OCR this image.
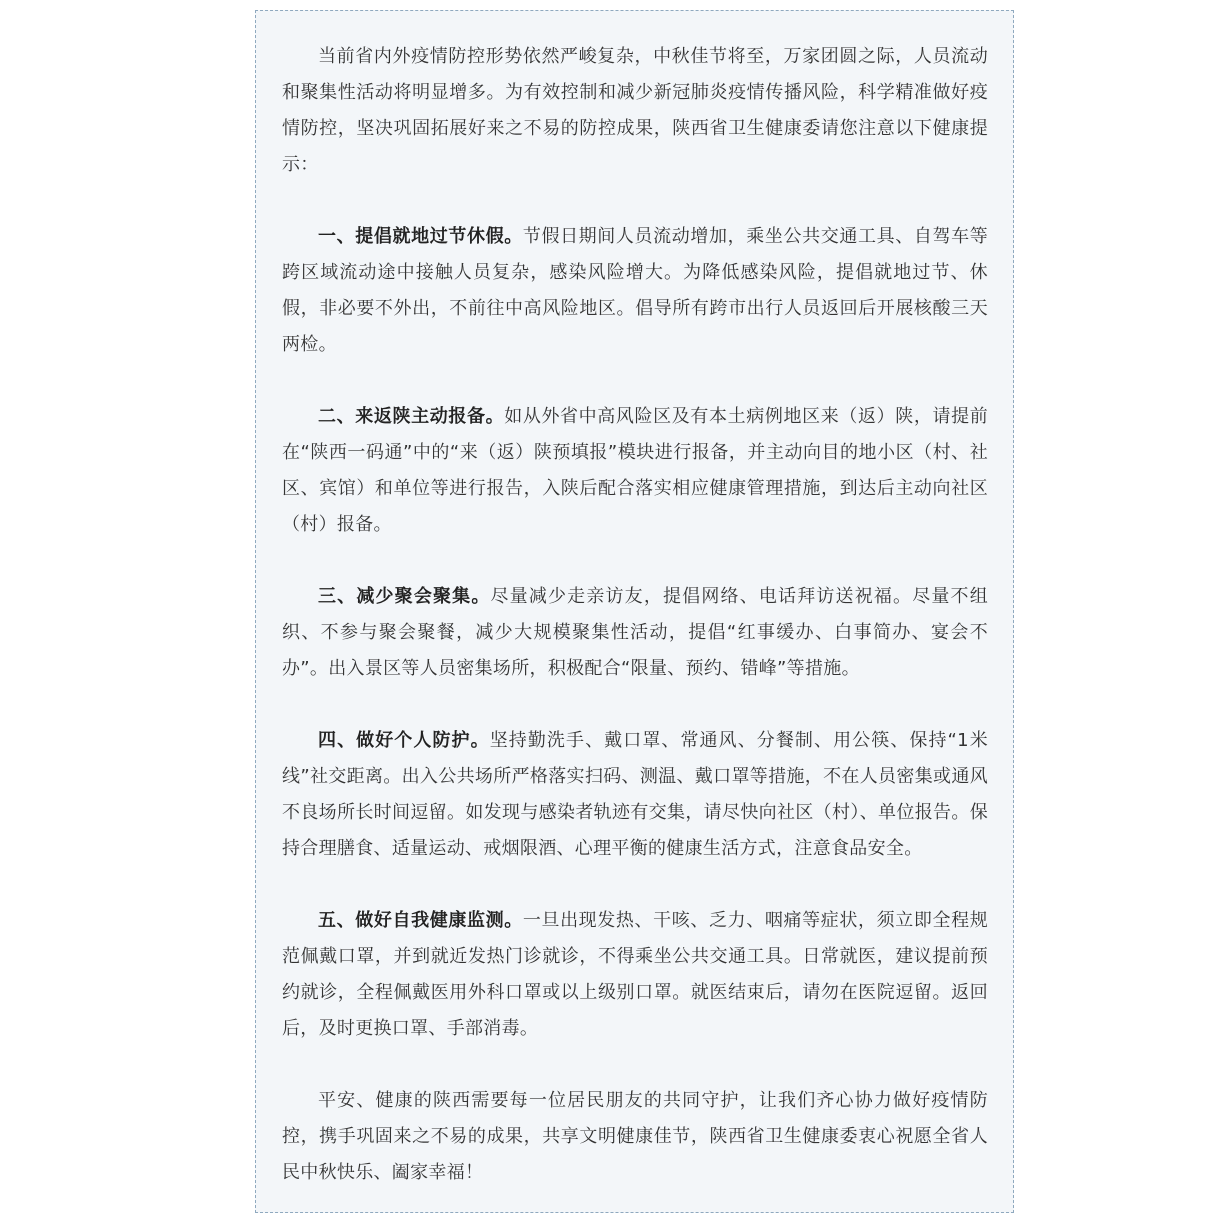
当前省内外疫情防控形势依然严峻复杂，中秋佳节将至，万家团圆之际，人员流动和聚集性活动将明显增多。为有效控制和减少新冠肺炎疫情传播风险，科学精准做好疫情防控，坚决巩固拓展好来之不易的防控成果，陕西省卫生健康委请您注意以下健康提示：

一、提倡就地过节休假。节假日期间人员流动增加，乘坐公共交通工具、自驾车等跨区域流动途中接触人员复杂，感染风险增大。为降低感染风险，提倡就地过节、休假，非必要不外出，不前往中高风险地区。倡导所有跨市出行人员返回后开展核酸三天两检。

二、来返陕主动报备。如从外省中高风险区及有本土病例地区来（返）陕，请提前在“陕西一码通”中的“来（返）陕预填报”模块进行报备，并主动向目的地小区（村、社区、宾馆）和单位等进行报告，入陕后配合落实相应健康管理措施，到达后主动向社区（村）报备。

三、减少聚会聚集。尽量减少走亲访友，提倡网络、电话拜访送祝福。尽量不组织、不参与聚会聚餐，减少大规模聚集性活动，提倡“红事缓办、白事简办、宴会不办”。出入景区等人员密集场所，积极配合“限量、预约、错峰”等措施。

四、做好个人防护。坚持勤洗手、戴口罩、常通风、分餐制、用公筷、保持“1米线”社交距离。出入公共场所严格落实扫码、测温、戴口罩等措施，不在人员密集或通风不良场所长时间逗留。如发现与感染者轨迹有交集，请尽快向社区（村）、单位报告。保持合理膳食、适量运动、戒烟限酒、心理平衡的健康生活方式，注意食品安全。

五、做好自我健康监测。一旦出现发热、干咳、乏力、咽痛等症状，须立即全程规范佩戴口罩，并到就近发热门诊就诊，不得乘坐公共交通工具。日常就医，建议提前预约就诊，全程佩戴医用外科口罩或以上级别口罩。就医结束后，请勿在医院逗留。返回后，及时更换口罩、手部消毒。

平安、健康的陕西需要每一位居民朋友的共同守护，让我们齐心协力做好疫情防控，携手巩固来之不易的成果，共享文明健康佳节，陕西省卫生健康委衷心祝愿全省人民中秋快乐、阖家幸福！
